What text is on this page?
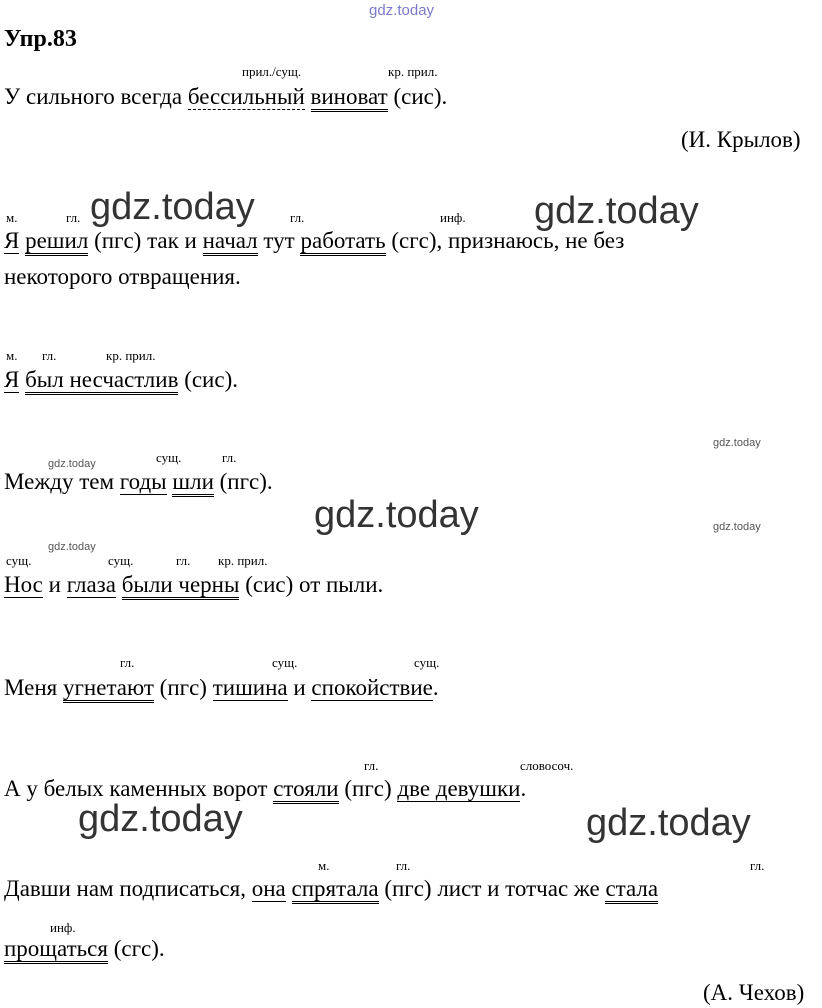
gdz.today
gdz.today	gdz.today
gdz.today
gdz.today	gdz.today
gdz.today
gdz.today
gdz.today
gdz.today
Упр.83
прил./сущ.	кр. прил.
У сильного всегда бессильный виноват (сис).
(И. Крылов)
м.	гл.	гл.	инф.
Я решил (пгс) так и начал тут работать (сгс), признаюсь, не без
некоторого отвращения.
м. гл.	кр. прил.
Я был несчастлив (сис).
сущ.	гл.
Между тем годы шли (пгс).
сущ.	сущ.	гл. кр. прил.
Нос и глаза были черны (сис) от пыли.
гл.	сущ.	сущ.
Меня угнетают (пгс) тишина и спокойствие.
гл.	словосоч.
А у белых каменных ворот стояли (пгс) две девушки.
м.	гл.	гл.
Давши нам подписаться, она спрятала (пгс) лист и тотчас же стала
инф.
прощаться (сгс).
(А. Чехов)
